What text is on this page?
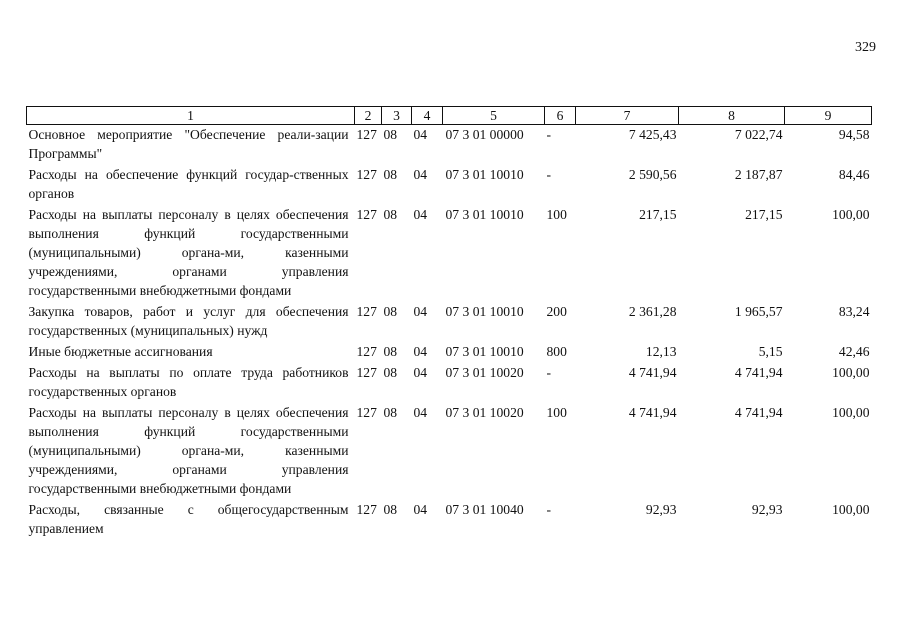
329
1	2	3	4	5	6	7	8	9
Основное мероприятие "Обеспечение реали-зации Программы"	127	08	04	07 3 01 00000	-	7 425,43	7 022,74	94,58
Расходы на обеспечение функций государ-ственных органов	127	08	04	07 3 01 10010	-	2 590,56	2 187,87	84,46
Расходы на выплаты персоналу в целях обеспечения выполнения функций государственными (муниципальными) органа-ми, казенными учреждениями, органами управления государственными внебюджетными фондами	127	08	04	07 3 01 10010	100	217,15	217,15	100,00
Закупка товаров, работ и услуг для обеспечения государственных (муниципальных) нужд	127	08	04	07 3 01 10010	200	2 361,28	1 965,57	83,24
Иные бюджетные ассигнования	127	08	04	07 3 01 10010	800	12,13	5,15	42,46
Расходы на выплаты по оплате труда работников государственных органов	127	08	04	07 3 01 10020	-	4 741,94	4 741,94	100,00
Расходы на выплаты персоналу в целях обеспечения выполнения функций государственными (муниципальными) органа-ми, казенными учреждениями, органами управления государственными внебюджетными фондами	127	08	04	07 3 01 10020	100	4 741,94	4 741,94	100,00
Расходы, связанные с общегосударственным управлением	127	08	04	07 3 01 10040	-	92,93	92,93	100,00
